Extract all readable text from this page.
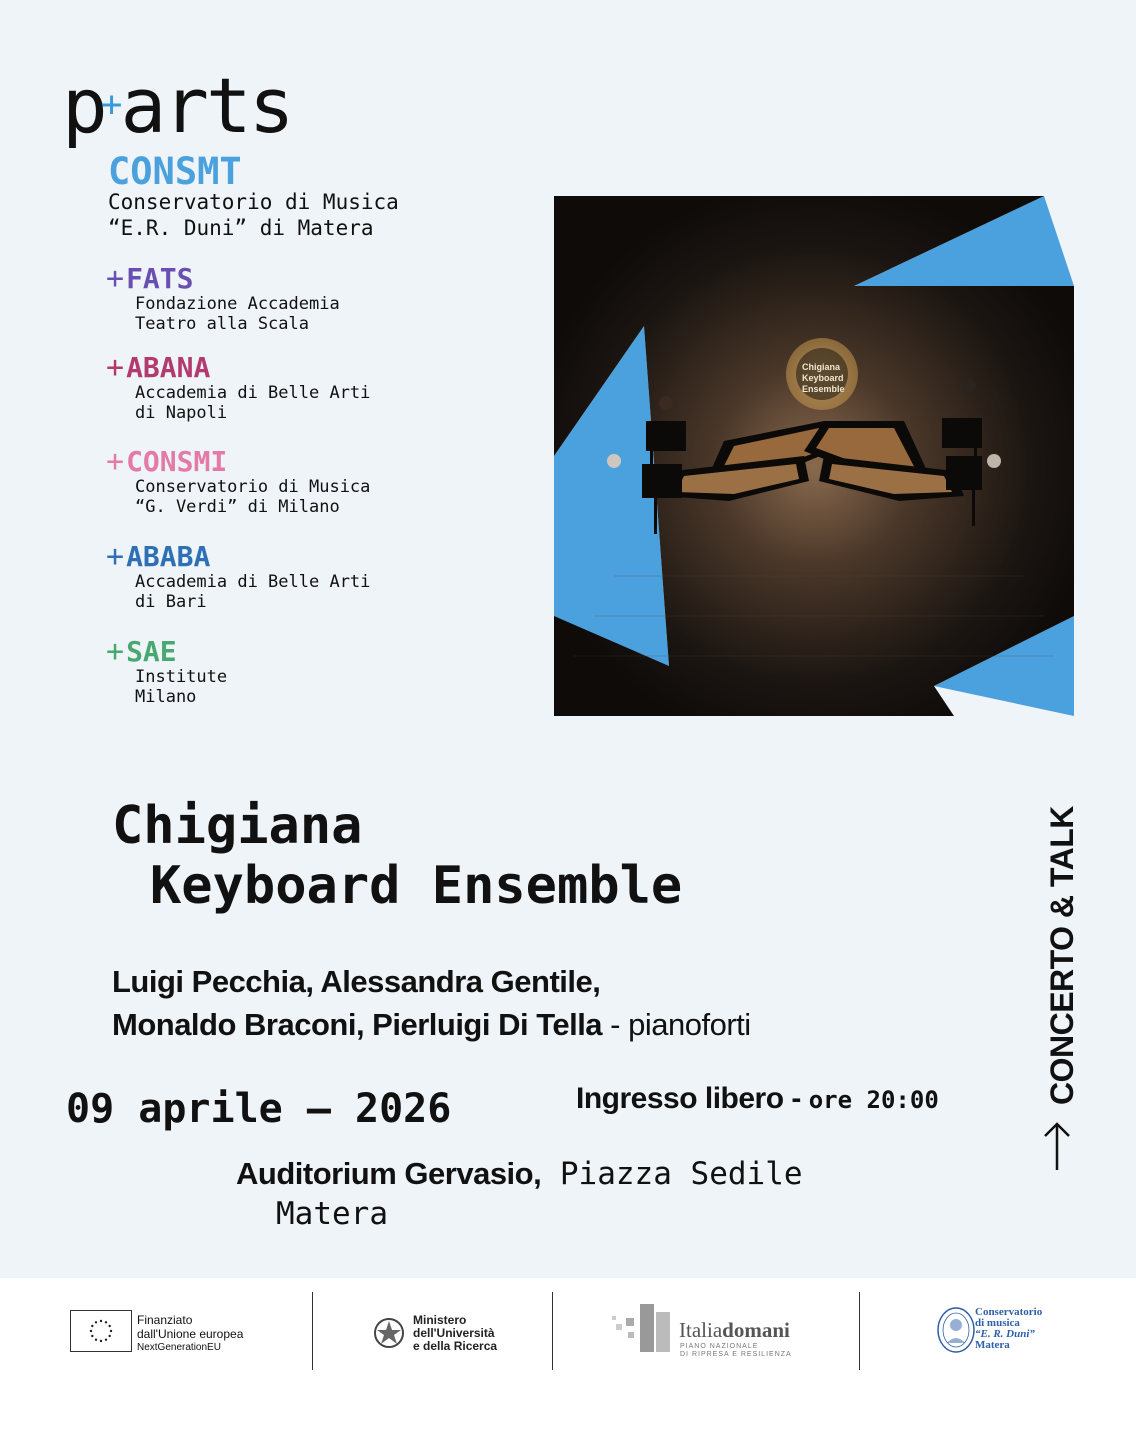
p+arts
CONSMT
Conservatorio di Musica
“E.R. Duni” di Matera
+FATS
Fondazione Accademia
Teatro alla Scala
+ABANA
Accademia di Belle Arti
di Napoli
+CONSMI
Conservatorio di Musica
“G. Verdi” di Milano
+ABABA
Accademia di Belle Arti
di Bari
+SAE
Institute
Milano
Chigiana
Keyboard
Ensemble
Chigiana
Keyboard Ensemble
Luigi Pecchia, Alessandra Gentile,
Monaldo Braconi, Pierluigi Di Tella - pianoforti
09 aprile — 2026	Ingresso libero - ore 20:00
Auditorium Gervasio, Piazza Sedile
Matera
CONCERTO & TALK
Finanziato
dall'Unione europea
NextGenerationEU
Ministero
dell'Università
e della Ricerca
Italiadomani
PIANO NAZIONALE
DI RIPRESA E RESILIENZA
Conservatorio
di musica
“E. R. Duni”
Matera
